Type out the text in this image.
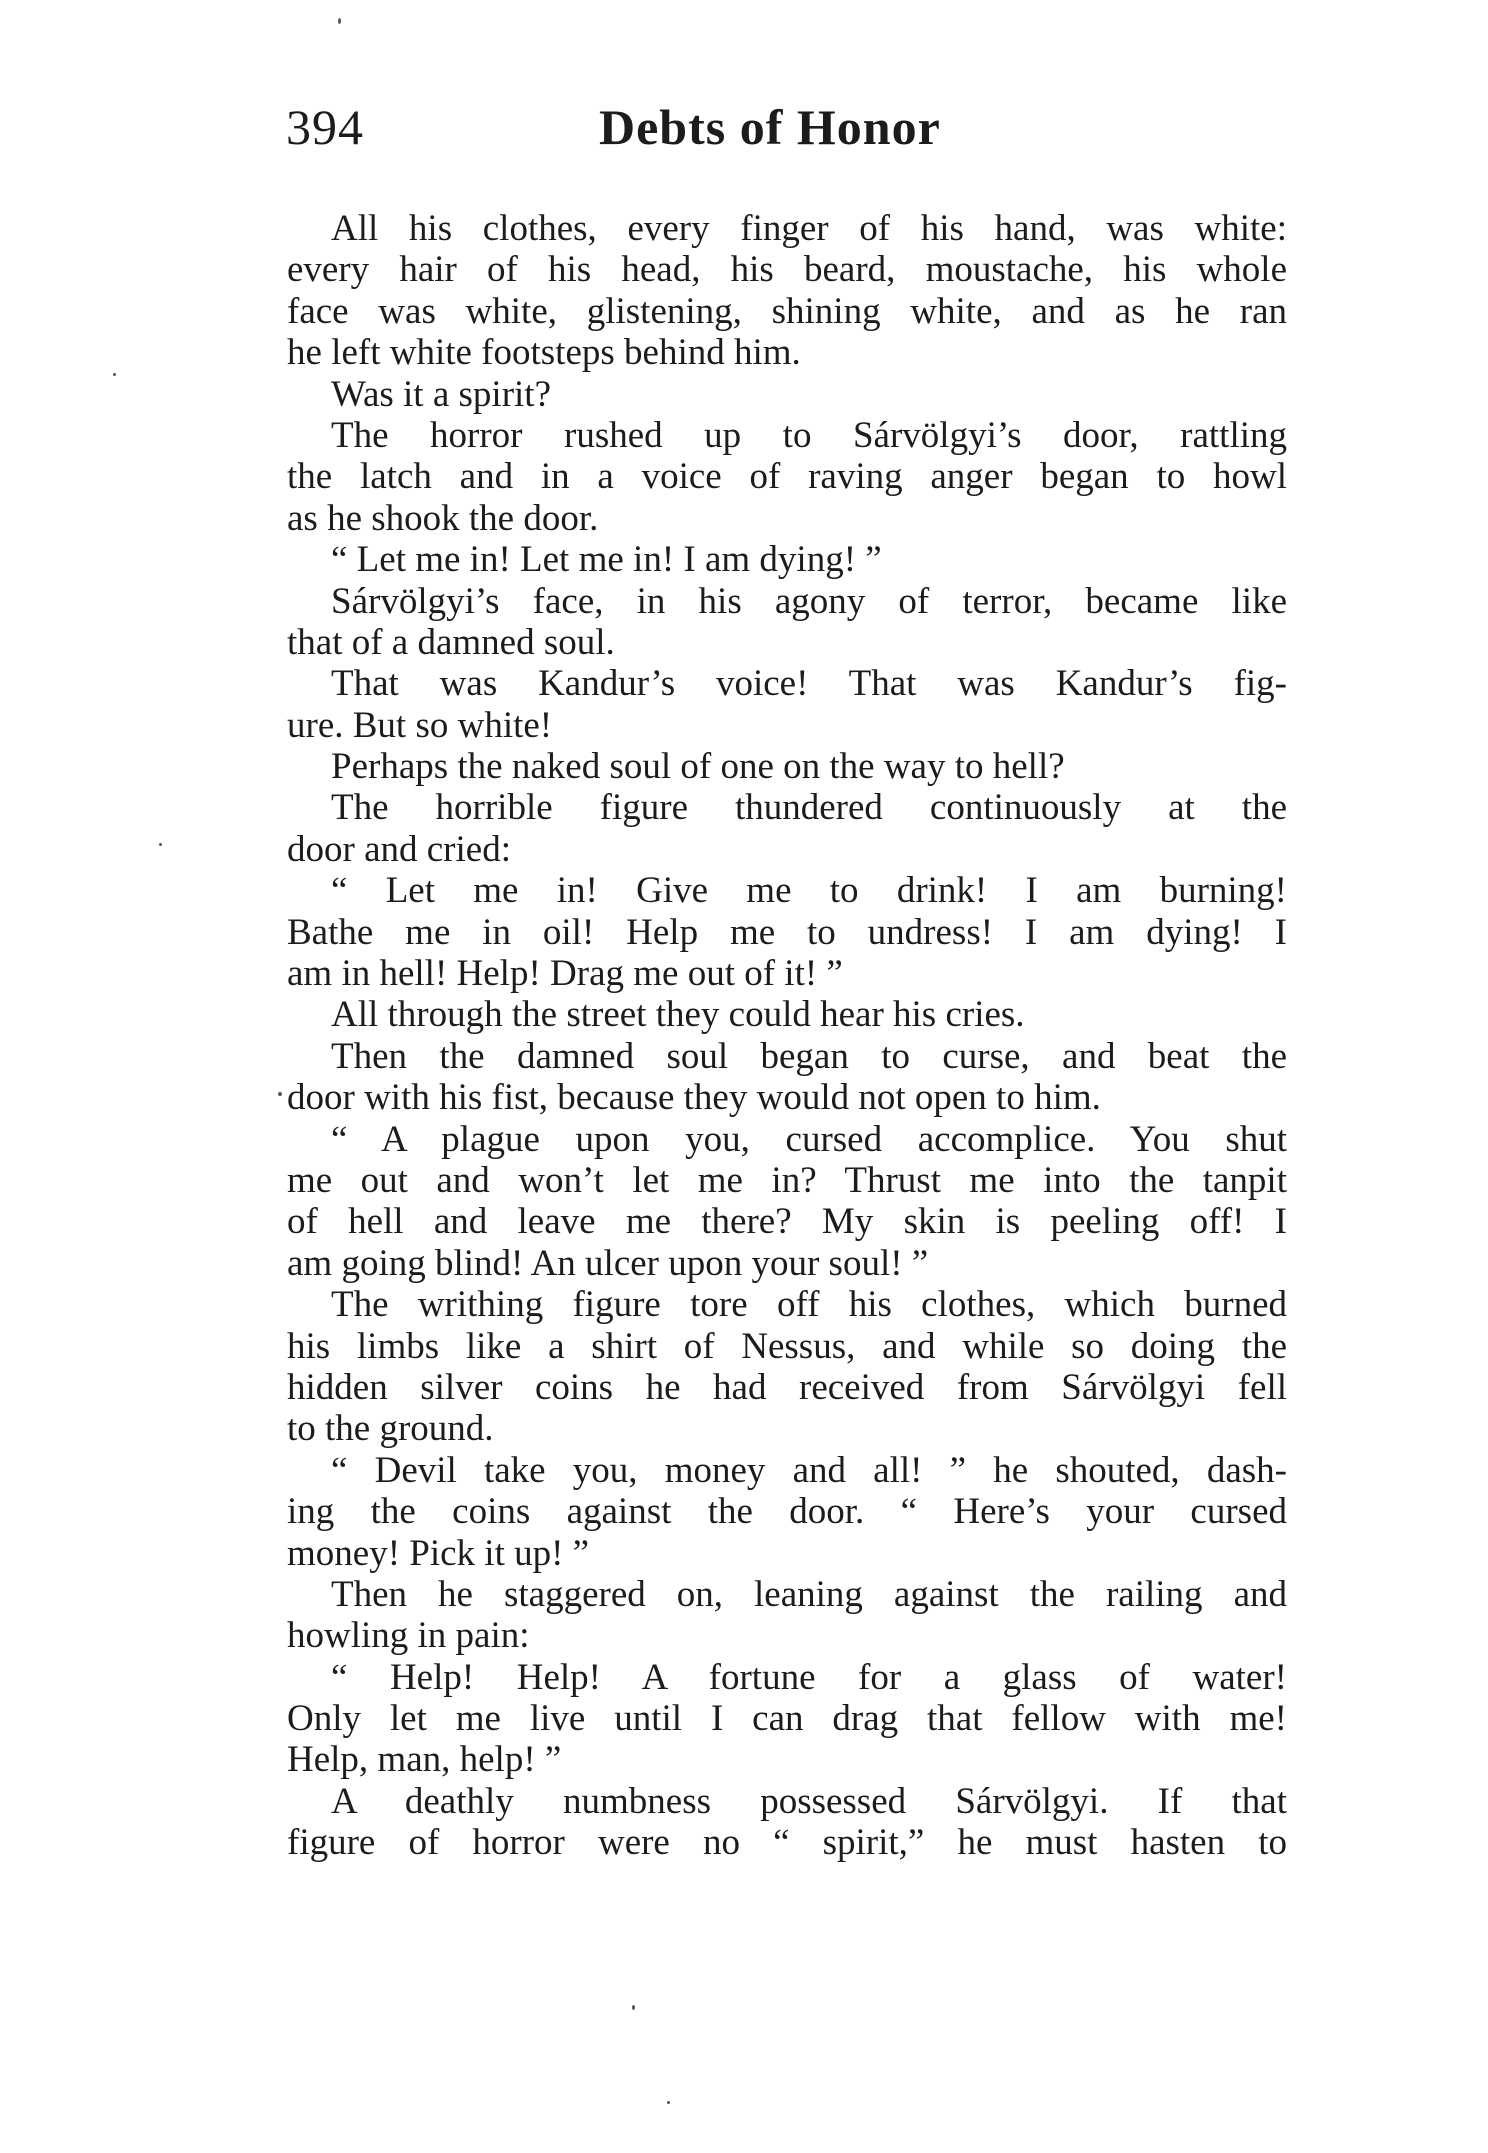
394	Debts of Honor
All his clothes, every finger of his hand, was white:
every hair of his head, his beard, moustache, his whole
face was white, glistening, shining white, and as he ran
he left white footsteps behind him.
Was it a spirit?
The horror rushed up to Sárvölgyi’s door, rattling
the latch and in a voice of raving anger began to howl
as he shook the door.
“ Let me in! Let me in! I am dying! ”
Sárvölgyi’s face, in his agony of terror, became like
that of a damned soul.
That was Kandur’s voice! That was Kandur’s fig-
ure. But so white!
Perhaps the naked soul of one on the way to hell?
The horrible figure thundered continuously at the
door and cried:
“ Let me in! Give me to drink! I am burning!
Bathe me in oil! Help me to undress! I am dying! I
am in hell! Help! Drag me out of it! ”
All through the street they could hear his cries.
Then the damned soul began to curse, and beat the
door with his fist, because they would not open to him.
“ A plague upon you, cursed accomplice. You shut
me out and won’t let me in? Thrust me into the tanpit
of hell and leave me there? My skin is peeling off! I
am going blind! An ulcer upon your soul! ”
The writhing figure tore off his clothes, which burned
his limbs like a shirt of Nessus, and while so doing the
hidden silver coins he had received from Sárvölgyi fell
to the ground.
“ Devil take you, money and all! ” he shouted, dash-
ing the coins against the door. “ Here’s your cursed
money! Pick it up! ”
Then he staggered on, leaning against the railing and
howling in pain:
“ Help! Help! A fortune for a glass of water!
Only let me live until I can drag that fellow with me!
Help, man, help! ”
A deathly numbness possessed Sárvölgyi. If that
figure of horror were no “ spirit,” he must hasten to
